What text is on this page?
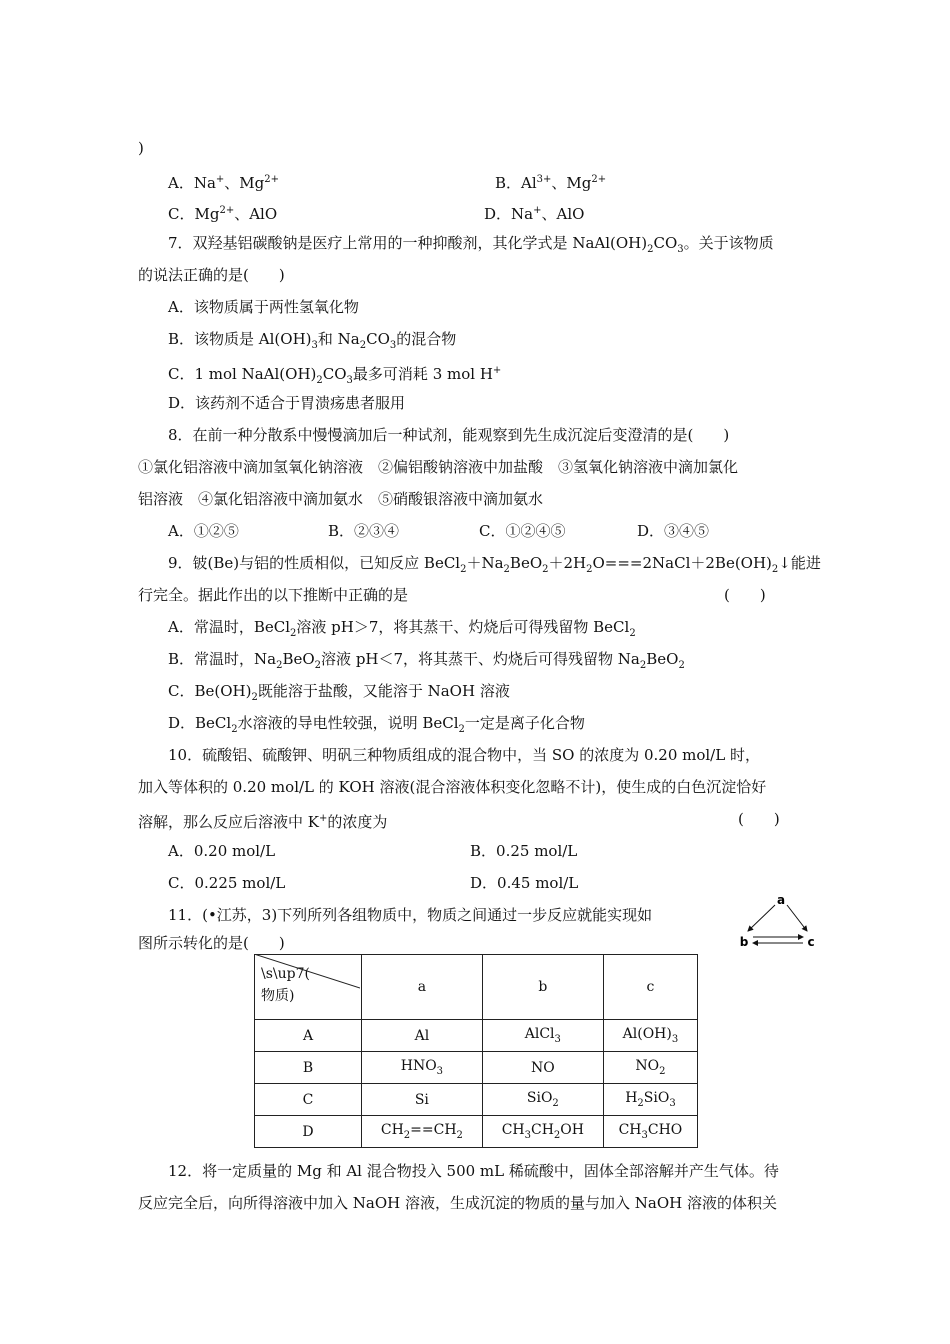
)
A．Na+、$Mg^{2+}$	B．$Al^{3+}$、$Mg^{2+}$
C．$Mg^{2+}$、AlO	D．Na+、AlO
7．双羟基铝碳酸钠是医疗上常用的一种抑酸剂，其化学式是 $NaAl(OH)_2CO_3$。关于该物质
的说法正确的是(　　)
A．该物质属于两性氢氧化物
B．该物质是 $Al(OH)_3$和 $Na_2CO_3$的混合物
C．1 mol $NaAl(OH)_2CO_3$最多可消耗 3 mol H+
D．该药剂不适合于胃溃疡患者服用
8．在前一种分散系中慢慢滴加后一种试剂，能观察到先生成沉淀后变澄清的是(　　)
①氯化铝溶液中滴加氢氧化钠溶液　②偏铝酸钠溶液中加盐酸　③氢氧化钠溶液中滴加氯化
铝溶液　④氯化铝溶液中滴加氨水　⑤硝酸银溶液中滴加氨水
A．①②⑤	B．②③④	C．①②④⑤	D．③④⑤
9．铍(Be)与铝的性质相似，已知反应 $BeCl_2+Na_2BeO_2+2H_2O===2NaCl+2Be(OH)_2↓$能进
行完全。据此作出的以下推断中正确的是	(　　)
A．常温时，BeCl$_2$溶液 pH＞7，将其蒸干、灼烧后可得残留物 BeCl$_2$
B．常温时，$Na_2BeO_2$溶液 pH＜7，将其蒸干、灼烧后可得残留物 $Na_2BeO_2$
C．$Be(OH)_2$既能溶于盐酸，又能溶于 NaOH 溶液
D．BeCl$_2$水溶液的导电性较强，说明 BeCl$_2$一定是离子化合物
10．硫酸铝、硫酸钾、明矾三种物质组成的混合物中，当 SO 的浓度为 0.20 mol/L 时，
加入等体积的 0.20 mol/L 的 KOH 溶液(混合溶液体积变化忽略不计)，使生成的白色沉淀恰好
溶解，那么反应后溶液中 K+的浓度为	(　　)
A．0.20 mol/L	B．0.25 mol/L
C．0.225 mol/L	D．0.45 mol/L
11．(•江苏，3)下列所列各组物质中，物质之间通过一步反应就能实现如
图所示转化的是(　　)
a
b	c
\s\up7(
物质)	a	b	c
A	Al	AlCl$_3$	$Al(OH)_3$
B	$HNO_3$	NO	$NO_2$
C	Si	SiO$_2$	$H_2SiO_3$
D	$CH_2==CH_2$	$CH_3CH_2OH$	$CH_3CHO$
12．将一定质量的 Mg 和 Al 混合物投入 500 mL 稀硫酸中，固体全部溶解并产生气体。待
反应完全后，向所得溶液中加入 NaOH 溶液，生成沉淀的物质的量与加入 NaOH 溶液的体积关
